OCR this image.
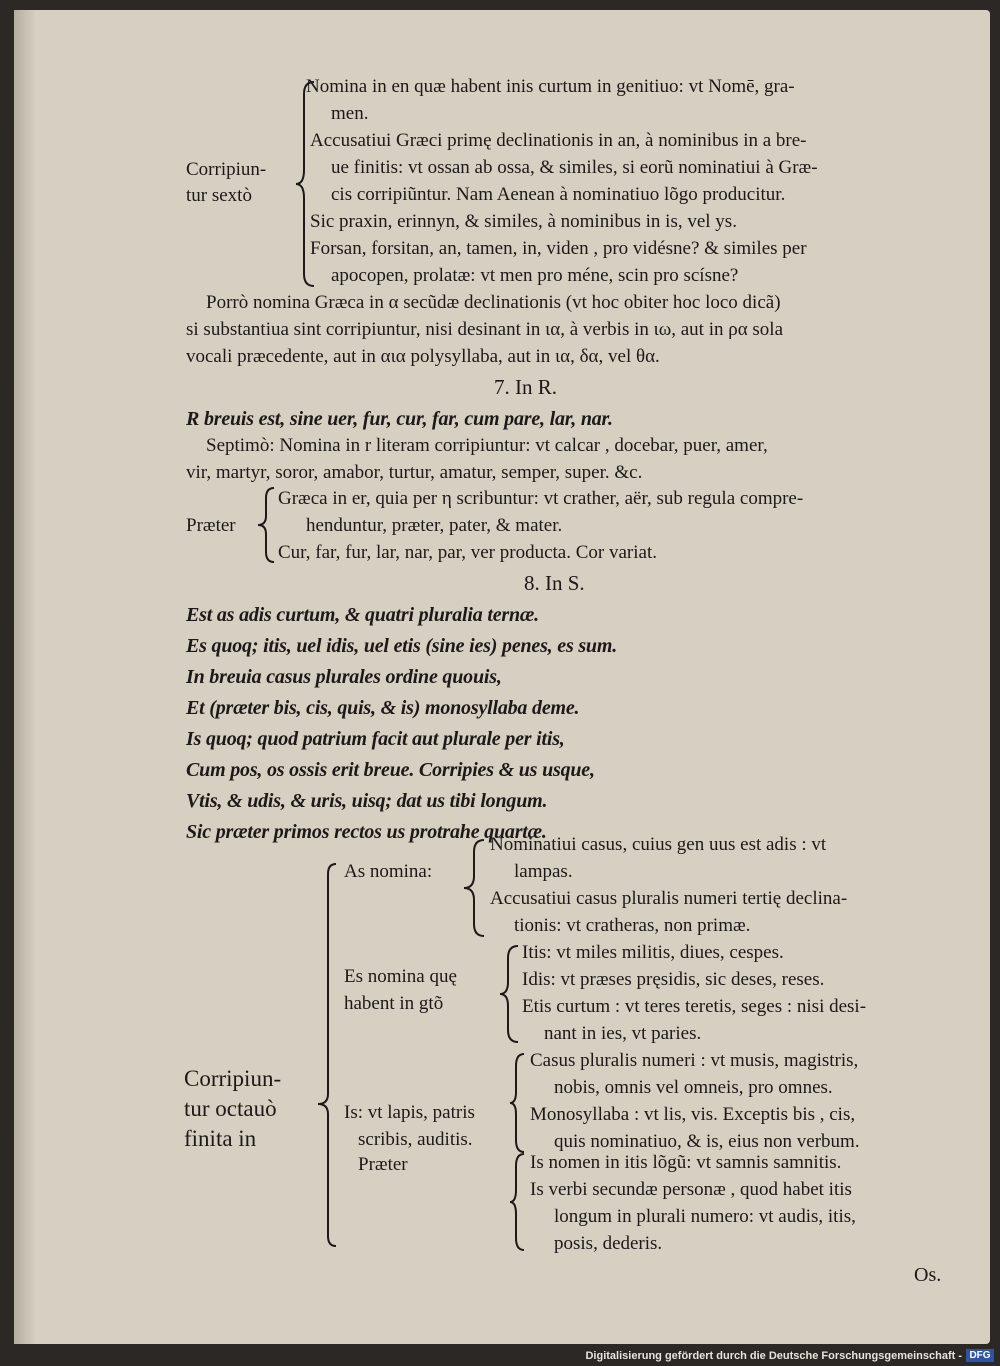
Corripiun-
tur sextò
Nomina in en quæ habent inis curtum in genitiuo: vt Nomē, gra-
men.
Accusatiui Græci primę declinationis in an, à nominibus in a bre-
ue finitis: vt ossan ab ossa, & similes, si eorũ nominatiui à Græ-
cis corripiũntur. Nam Aenean à nominatiuo lõgo producitur.
Sic praxin, erinnyn, & similes, à nominibus in is, vel ys.
Forsan, forsitan, an, tamen, in, viden , pro vidésne? & similes per
apocopen, prolatæ: vt men pro méne, scin pro scísne?
Porrò nomina Græca in α secũdæ declinationis (vt hoc obiter hoc loco dicã)
si substantiua sint corripiuntur, nisi desinant in ια, à verbis in ιω, aut in ρα sola
vocali præcedente, aut in αια polysyllaba, aut in ια, δα, vel θα.
7. In R.
R breuis est, sine uer, fur, cur, far, cum pare, lar, nar.
Septimò: Nomina in r literam corripiuntur: vt calcar , docebar, puer, amer,
vir, martyr, soror, amabor, turtur, amatur, semper, super. &c.
Præter
Græca in er, quia per η scribuntur: vt crather, aër, sub regula compre-
henduntur, præter, pater, & mater.
Cur, far, fur, lar, nar, par, ver producta. Cor variat.
8. In S.
Est as adis curtum, & quatri pluralia ternæ.
Es quoq; itis, uel idis, uel etis (sine ies) penes, es sum.
In breuia casus plurales ordine quouis,
Et (præter bis, cis, quis, & is) monosyllaba deme.
Is quoq; quod patrium facit aut plurale per itis,
Cum pos, os ossis erit breue. Corripies & us usque,
Vtis, & udis, & uris, uisq; dat us tibi longum.
Sic præter primos rectos us protrahe quartæ.
Corripiun-
tur octauò
finita in
As nomina:
Nominatiui casus, cuius gen uus est adis : vt
lampas.
Accusatiui casus pluralis numeri tertię declina-
tionis: vt cratheras, non primæ.
Es nomina quę
habent in gtõ
Itis: vt miles militis, diues, cespes.
Idis: vt præses pręsidis, sic deses, reses.
Etis curtum : vt teres teretis, seges : nisi desi-
nant in ies, vt paries.
Is: vt lapis, patris
scribis, auditis.
Præter
Casus pluralis numeri : vt musis, magistris,
nobis, omnis vel omneis, pro omnes.
Monosyllaba : vt lis, vis. Exceptis bis , cis,
quis nominatiuo, & is, eius non verbum.
Is nomen in itis lõgũ: vt samnis samnitis.
Is verbi secundæ personæ , quod habet itis
longum in plurali numero: vt audis, itis,
posis, dederis.
Os.
Digitalisierung gefördert durch die Deutsche Forschungsgemeinschaft - DFG
